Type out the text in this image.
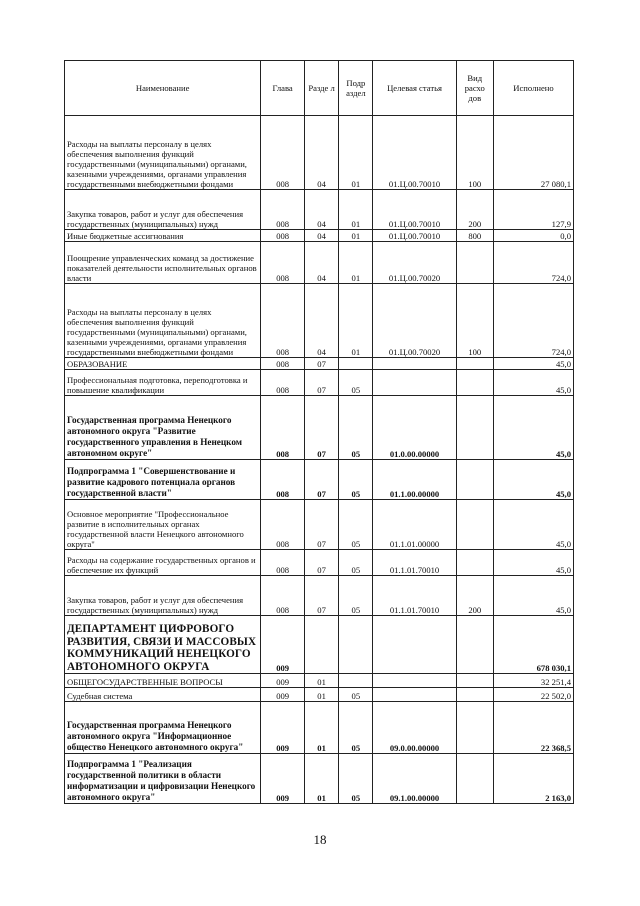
Наименование	Глава	Разде л	Подр аздел	Целевая статья	Вид расхо дов	Исполнено
Расходы на выплаты персоналу в целях обеспечения выполнения функций государственными (муниципальными) органами, казенными учреждениями, органами управления государственными внебюджетными фондами	008	04	01	01.Ц.00.70010	100	27 080,1
Закупка товаров, работ и услуг для обеспечения государственных (муниципальных) нужд	008	04	01	01.Ц.00.70010	200	127,9
Иные бюджетные ассигнования	008	04	01	01.Ц.00.70010	800	0,0
Поощрение управленческих команд за достижение показателей деятельности исполнительных органов власти	008	04	01	01.Ц.00.70020		724,0
Расходы на выплаты персоналу в целях обеспечения выполнения функций государственными (муниципальными) органами, казенными учреждениями, органами управления государственными внебюджетными фондами	008	04	01	01.Ц.00.70020	100	724,0
ОБРАЗОВАНИЕ	008	07				45,0
Профессиональная подготовка, переподготовка и повышение квалификации	008	07	05			45,0
Государственная программа Ненецкого автономного округа "Развитие государственного управления в Ненецком автономном округе"	008	07	05	01.0.00.00000		45,0
Подпрограмма 1 "Совершенствование и развитие кадрового потенциала органов государственной власти"	008	07	05	01.1.00.00000		45,0
Основное мероприятие "Профессиональное развитие в исполнительных органах государственной власти Ненецкого автономного округа"	008	07	05	01.1.01.00000		45,0
Расходы на содержание государственных органов и обеспечение их функций	008	07	05	01.1.01.70010		45,0
Закупка товаров, работ и услуг для обеспечения государственных (муниципальных) нужд	008	07	05	01.1.01.70010	200	45,0
ДЕПАРТАМЕНТ ЦИФРОВОГО РАЗВИТИЯ, СВЯЗИ И МАССОВЫХ КОММУНИКАЦИЙ НЕНЕЦКОГО АВТОНОМНОГО ОКРУГА	009					678 030,1
ОБЩЕГОСУДАРСТВЕННЫЕ ВОПРОСЫ	009	01				32 251,4
Судебная система	009	01	05			22 502,0
Государственная программа Ненецкого автономного округа "Информационное общество Ненецкого автономного округа"	009	01	05	09.0.00.00000		22 368,5
Подпрограмма 1 "Реализация государственной политики в области информатизации и цифровизации Ненецкого автономного округа"	009	01	05	09.1.00.00000		2 163,0
18
